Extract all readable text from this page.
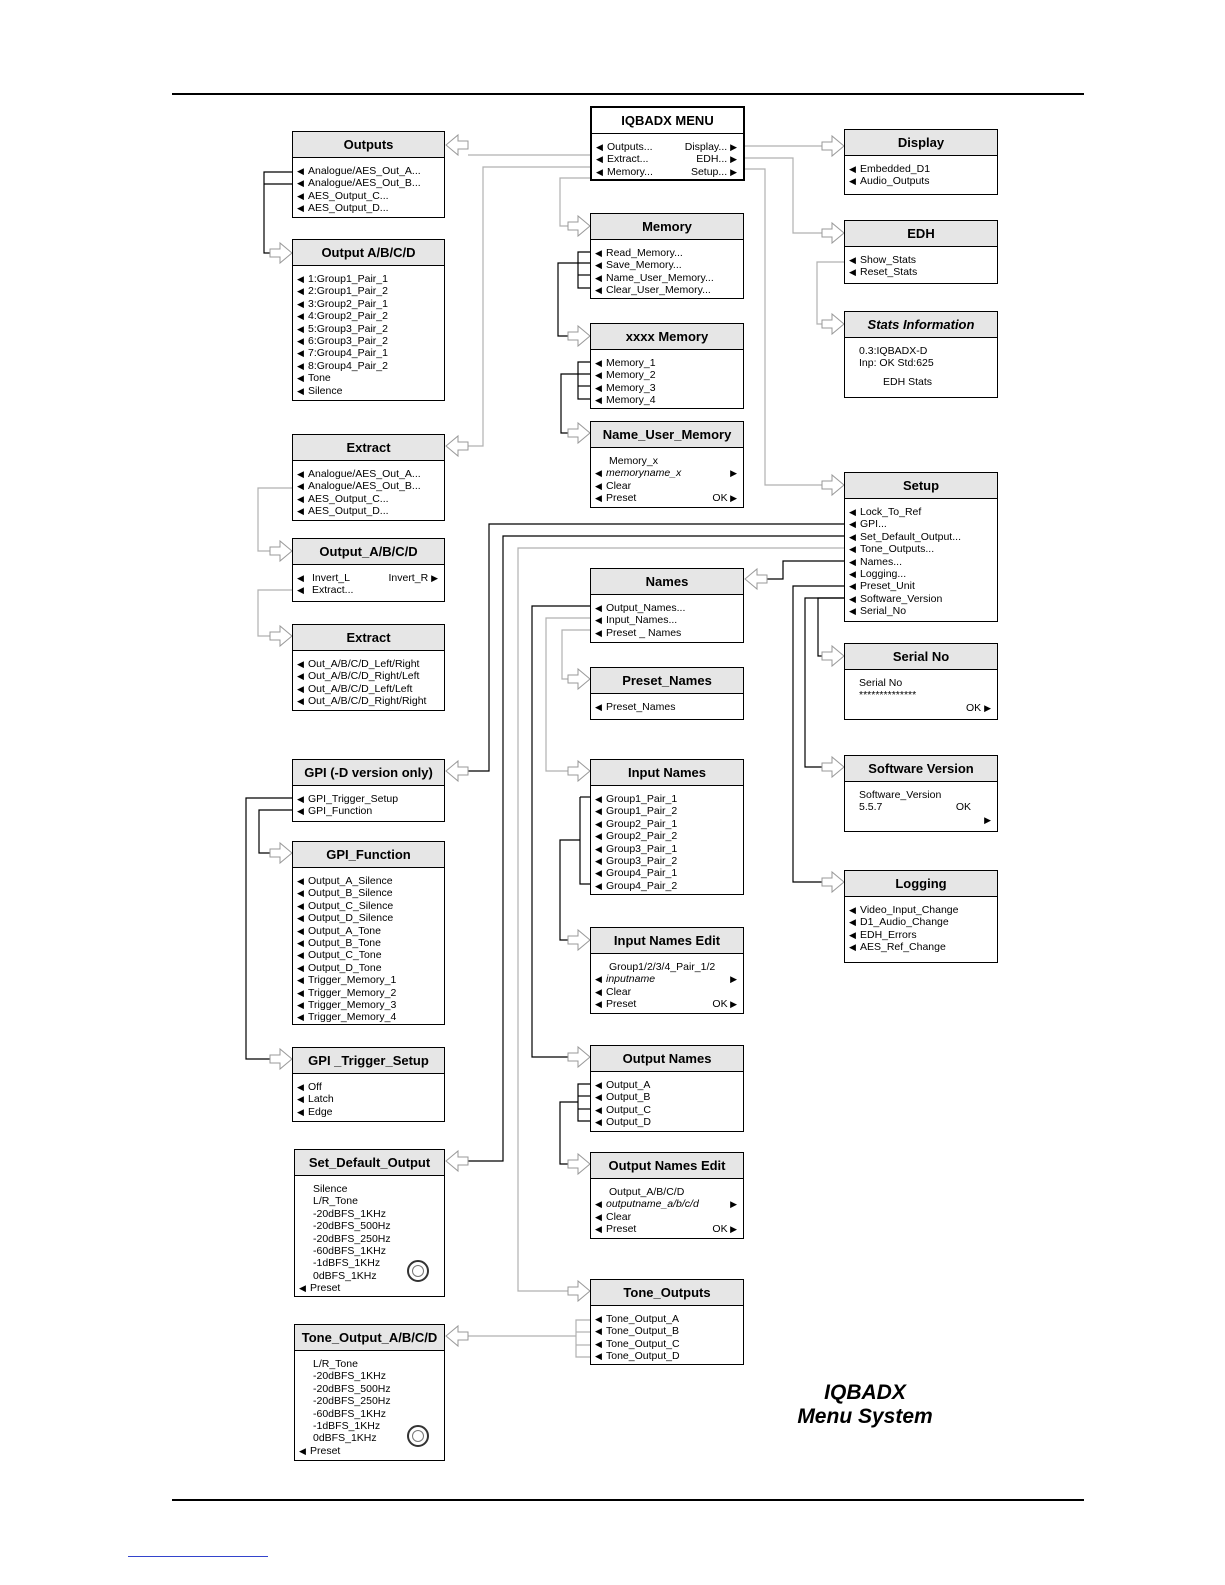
IQBADX MENU
◀ Outputs...	Display... ▶
◀ Extract...	EDH... ▶
◀ Memory...	Setup... ▶
Outputs
◀ Analogue/AES_Out_A...
◀ Analogue/AES_Out_B...
◀ AES_Output_C...
◀ AES_Output_D...
Output A/B/C/D
◀ 1:Group1_Pair_1
◀ 2:Group1_Pair_2
◀ 3:Group2_Pair_1
◀ 4:Group2_Pair_2
◀ 5:Group3_Pair_2
◀ 6:Group3_Pair_2
◀ 7:Group4_Pair_1
◀ 8:Group4_Pair_2
◀ Tone
◀ Silence
Extract
◀ Analogue/AES_Out_A...
◀ Analogue/AES_Out_B...
◀ AES_Output_C...
◀ AES_Output_D...
Output_A/B/C/D
◀ Invert_L	Invert_R ▶
◀ Extract...
Extract
◀ Out_A/B/C/D_Left/Right
◀ Out_A/B/C/D_Right/Left
◀ Out_A/B/C/D_Left/Left
◀ Out_A/B/C/D_Right/Right
GPI (-D version only)
◀ GPI_Trigger_Setup
◀ GPI_Function
GPI_Function
◀ Output_A_Silence
◀ Output_B_Silence
◀ Output_C_Silence
◀ Output_D_Silence
◀ Output_A_Tone
◀ Output_B_Tone
◀ Output_C_Tone
◀ Output_D_Tone
◀ Trigger_Memory_1
◀ Trigger_Memory_2
◀ Trigger_Memory_3
◀ Trigger_Memory_4
GPI _Trigger_Setup
◀ Off
◀ Latch
◀ Edge
Set_Default_Output
Silence
L/R_Tone
-20dBFS_1KHz
-20dBFS_500Hz
-20dBFS_250Hz
-60dBFS_1KHz
-1dBFS_1KHz
0dBFS_1KHz
◀ Preset
Tone_Output_A/B/C/D
L/R_Tone
-20dBFS_1KHz
-20dBFS_500Hz
-20dBFS_250Hz
-60dBFS_1KHz
-1dBFS_1KHz
0dBFS_1KHz
◀ Preset
Memory
◀ Read_Memory...
◀ Save_Memory...
◀ Name_User_Memory...
◀ Clear_User_Memory...
xxxx Memory
◀ Memory_1
◀ Memory_2
◀ Memory_3
◀ Memory_4
Name_User_Memory
Memory_x
◀ memoryname_x	▶
◀ Clear
◀ Preset	OK ▶
Names
◀ Output_Names...
◀ Input_Names...
◀ Preset _ Names
Preset_Names
◀ Preset_Names
Input Names
◀ Group1_Pair_1
◀ Group1_Pair_2
◀ Group2_Pair_1
◀ Group2_Pair_2
◀ Group3_Pair_1
◀ Group3_Pair_2
◀ Group4_Pair_1
◀ Group4_Pair_2
Input Names Edit
Group1/2/3/4_Pair_1/2
◀ inputname	▶
◀ Clear
◀ Preset	OK ▶
Output Names
◀ Output_A
◀ Output_B
◀ Output_C
◀ Output_D
Output Names Edit
Output_A/B/C/D
◀ outputname_a/b/c/d	▶
◀ Clear
◀ Preset	OK ▶
Tone_Outputs
◀ Tone_Output_A
◀ Tone_Output_B
◀ Tone_Output_C
◀ Tone_Output_D
Display
◀ Embedded_D1
◀ Audio_Outputs
EDH
◀ Show_Stats
◀ Reset_Stats
Stats Information
0.3:IQBADX-D
Inp: OK Std:625
EDH Stats
Setup
◀ Lock_To_Ref
◀ GPI...
◀ Set_Default_Output...
◀ Tone_Outputs...
◀ Names...
◀ Logging...
◀ Preset_Unit
◀ Software_Version
◀ Serial_No
Serial No
Serial No
**************
OK ▶
Software Version
Software_Version
5.5.7	OK
▶
Logging
◀ Video_Input_Change
◀ D1_Audio_Change
◀ EDH_Errors
◀ AES_Ref_Change
IQBADX
Menu System
